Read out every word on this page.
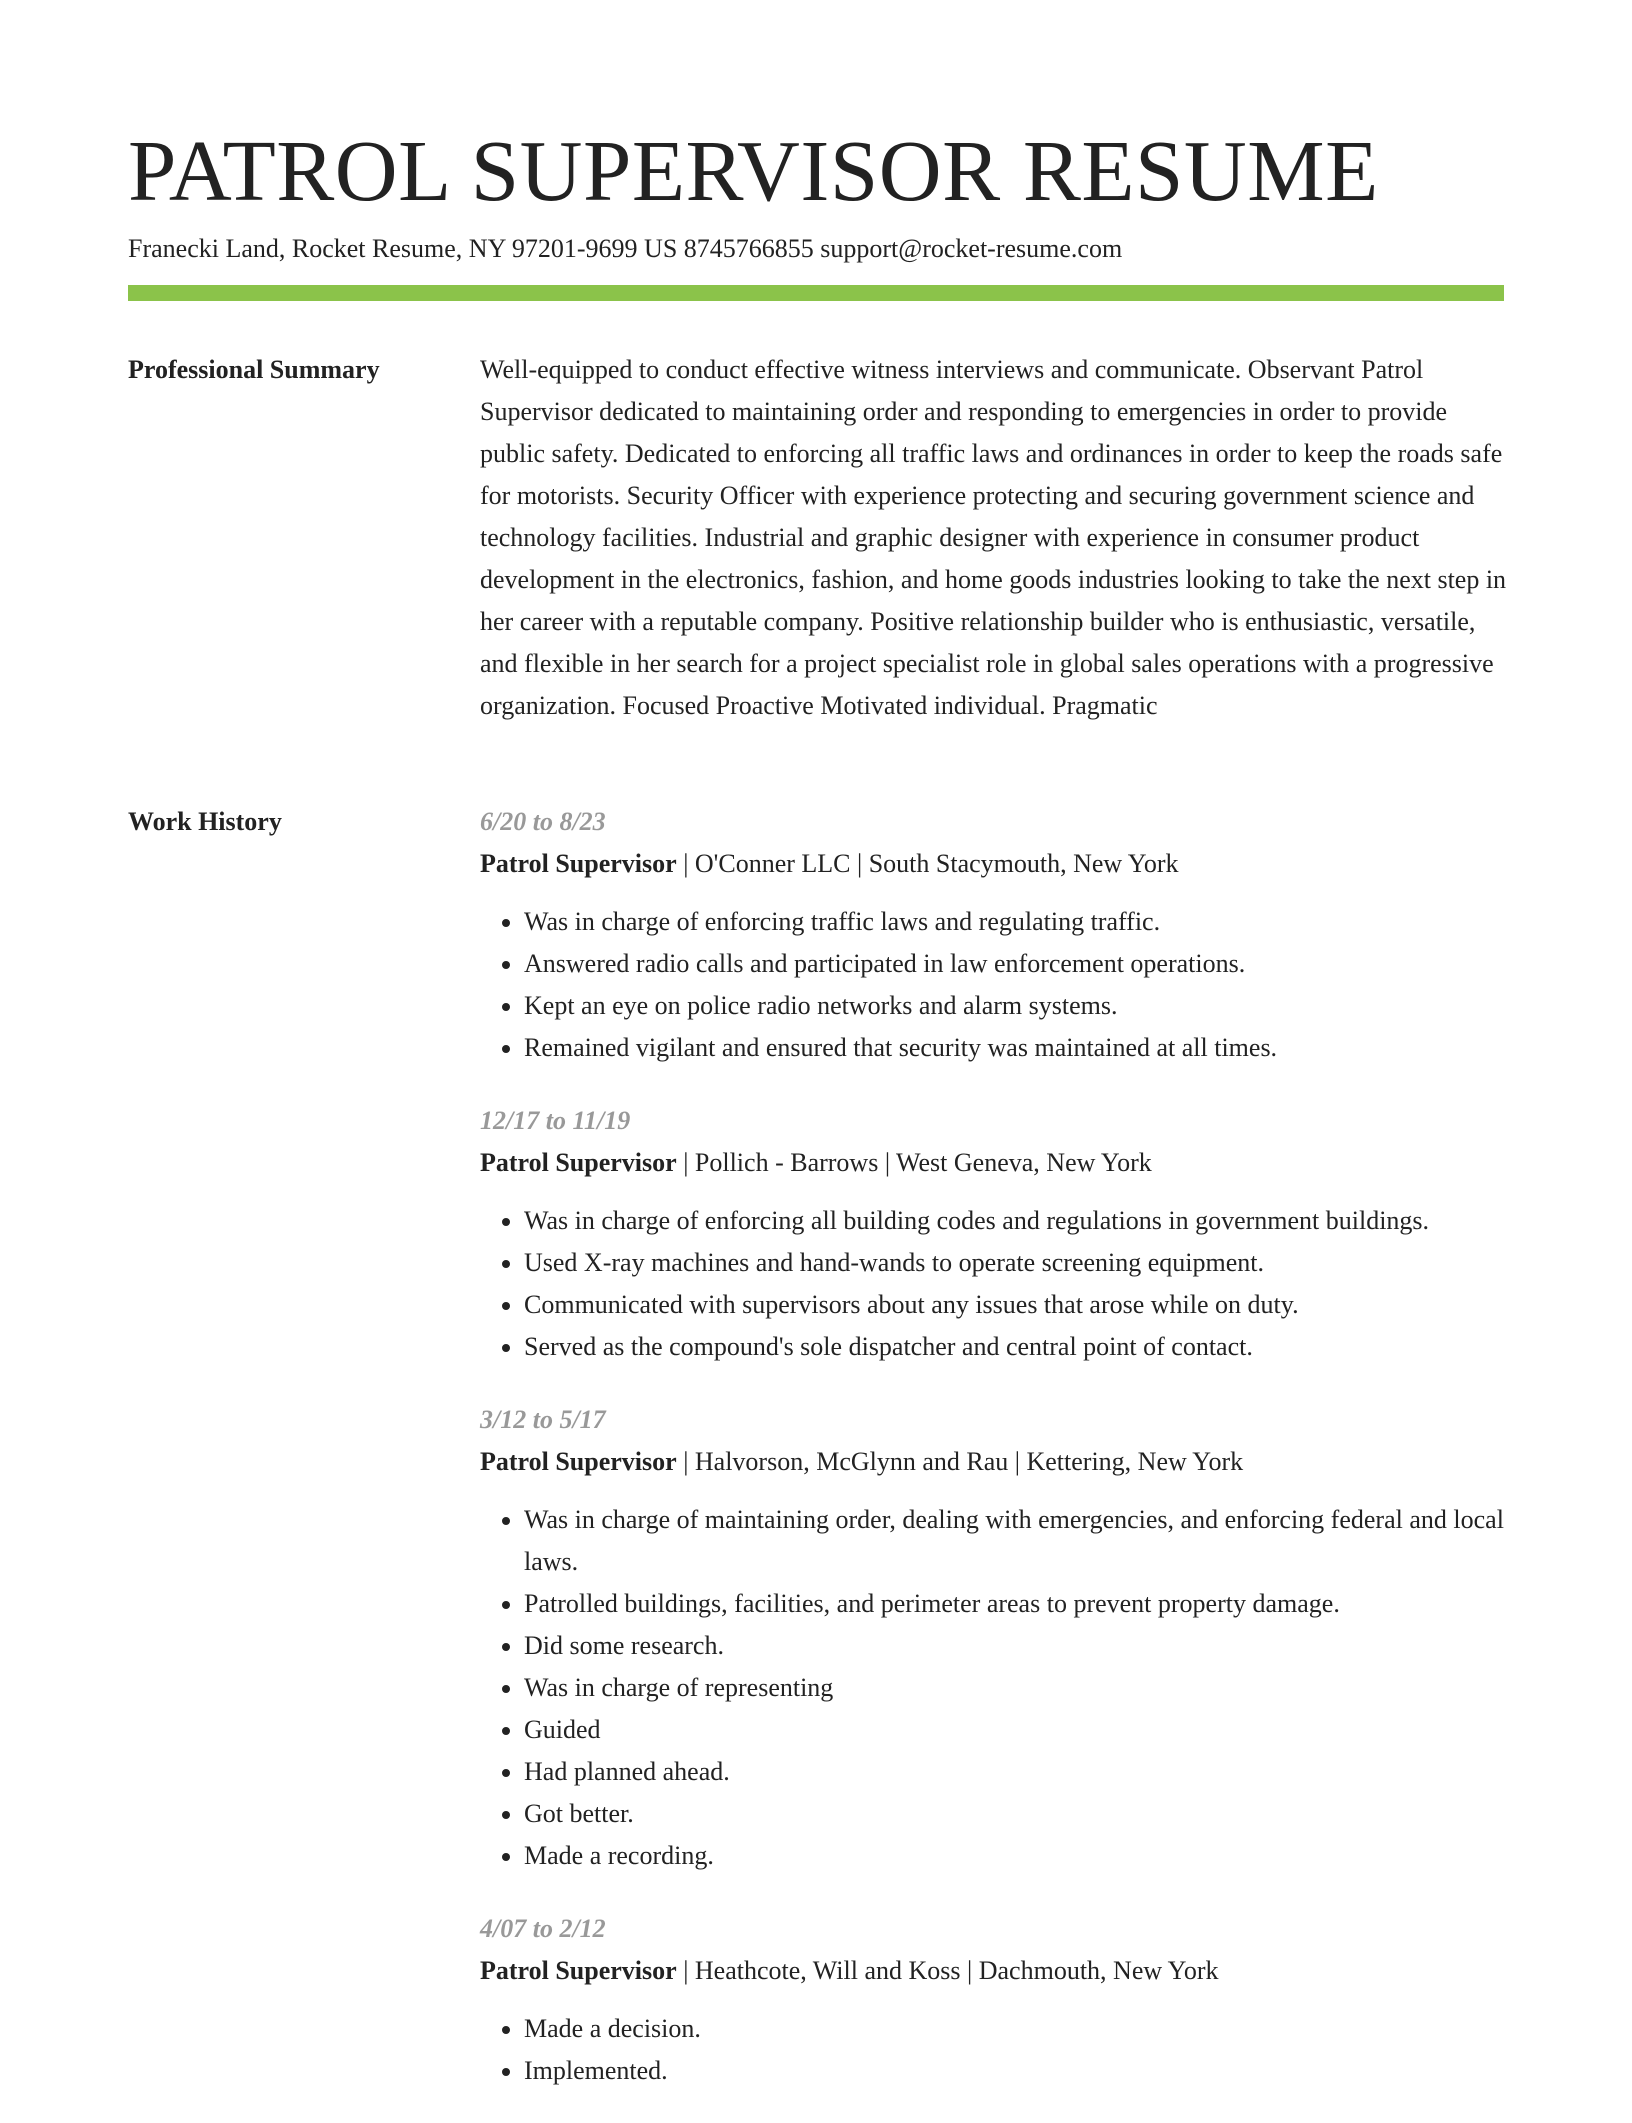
PATROL SUPERVISOR RESUME
Franecki Land, Rocket Resume, NY 97201-9699 US 8745766855 support@rocket-resume.com
Professional Summary	Well-equipped to conduct effective witness interviews and communicate. Observant Patrol Supervisor dedicated to maintaining order and responding to emergencies in order to provide public safety. Dedicated to enforcing all traffic laws and ordinances in order to keep the roads safe for motorists. Security Officer with experience protecting and securing government science and technology facilities. Industrial and graphic designer with experience in consumer product development in the electronics, fashion, and home goods industries looking to take the next step in her career with a reputable company. Positive relationship builder who is enthusiastic, versatile, and flexible in her search for a project specialist role in global sales operations with a progressive organization. Focused Proactive Motivated individual. Pragmatic

Work History	6/20 to 8/23
Patrol Supervisor | O'Conner LLC | South Stacymouth, New York
• Was in charge of enforcing traffic laws and regulating traffic.
• Answered radio calls and participated in law enforcement operations.
• Kept an eye on police radio networks and alarm systems.
• Remained vigilant and ensured that security was maintained at all times.
12/17 to 11/19
Patrol Supervisor | Pollich - Barrows | West Geneva, New York
• Was in charge of enforcing all building codes and regulations in government buildings.
• Used X-ray machines and hand-wands to operate screening equipment.
• Communicated with supervisors about any issues that arose while on duty.
• Served as the compound's sole dispatcher and central point of contact.
3/12 to 5/17
Patrol Supervisor | Halvorson, McGlynn and Rau | Kettering, New York
• Was in charge of maintaining order, dealing with emergencies, and enforcing federal and local laws.
• Patrolled buildings, facilities, and perimeter areas to prevent property damage.
• Did some research.
• Was in charge of representing
• Guided
• Had planned ahead.
• Got better.
• Made a recording.
4/07 to 2/12
Patrol Supervisor | Heathcote, Will and Koss | Dachmouth, New York
• Made a decision.
• Implemented.
